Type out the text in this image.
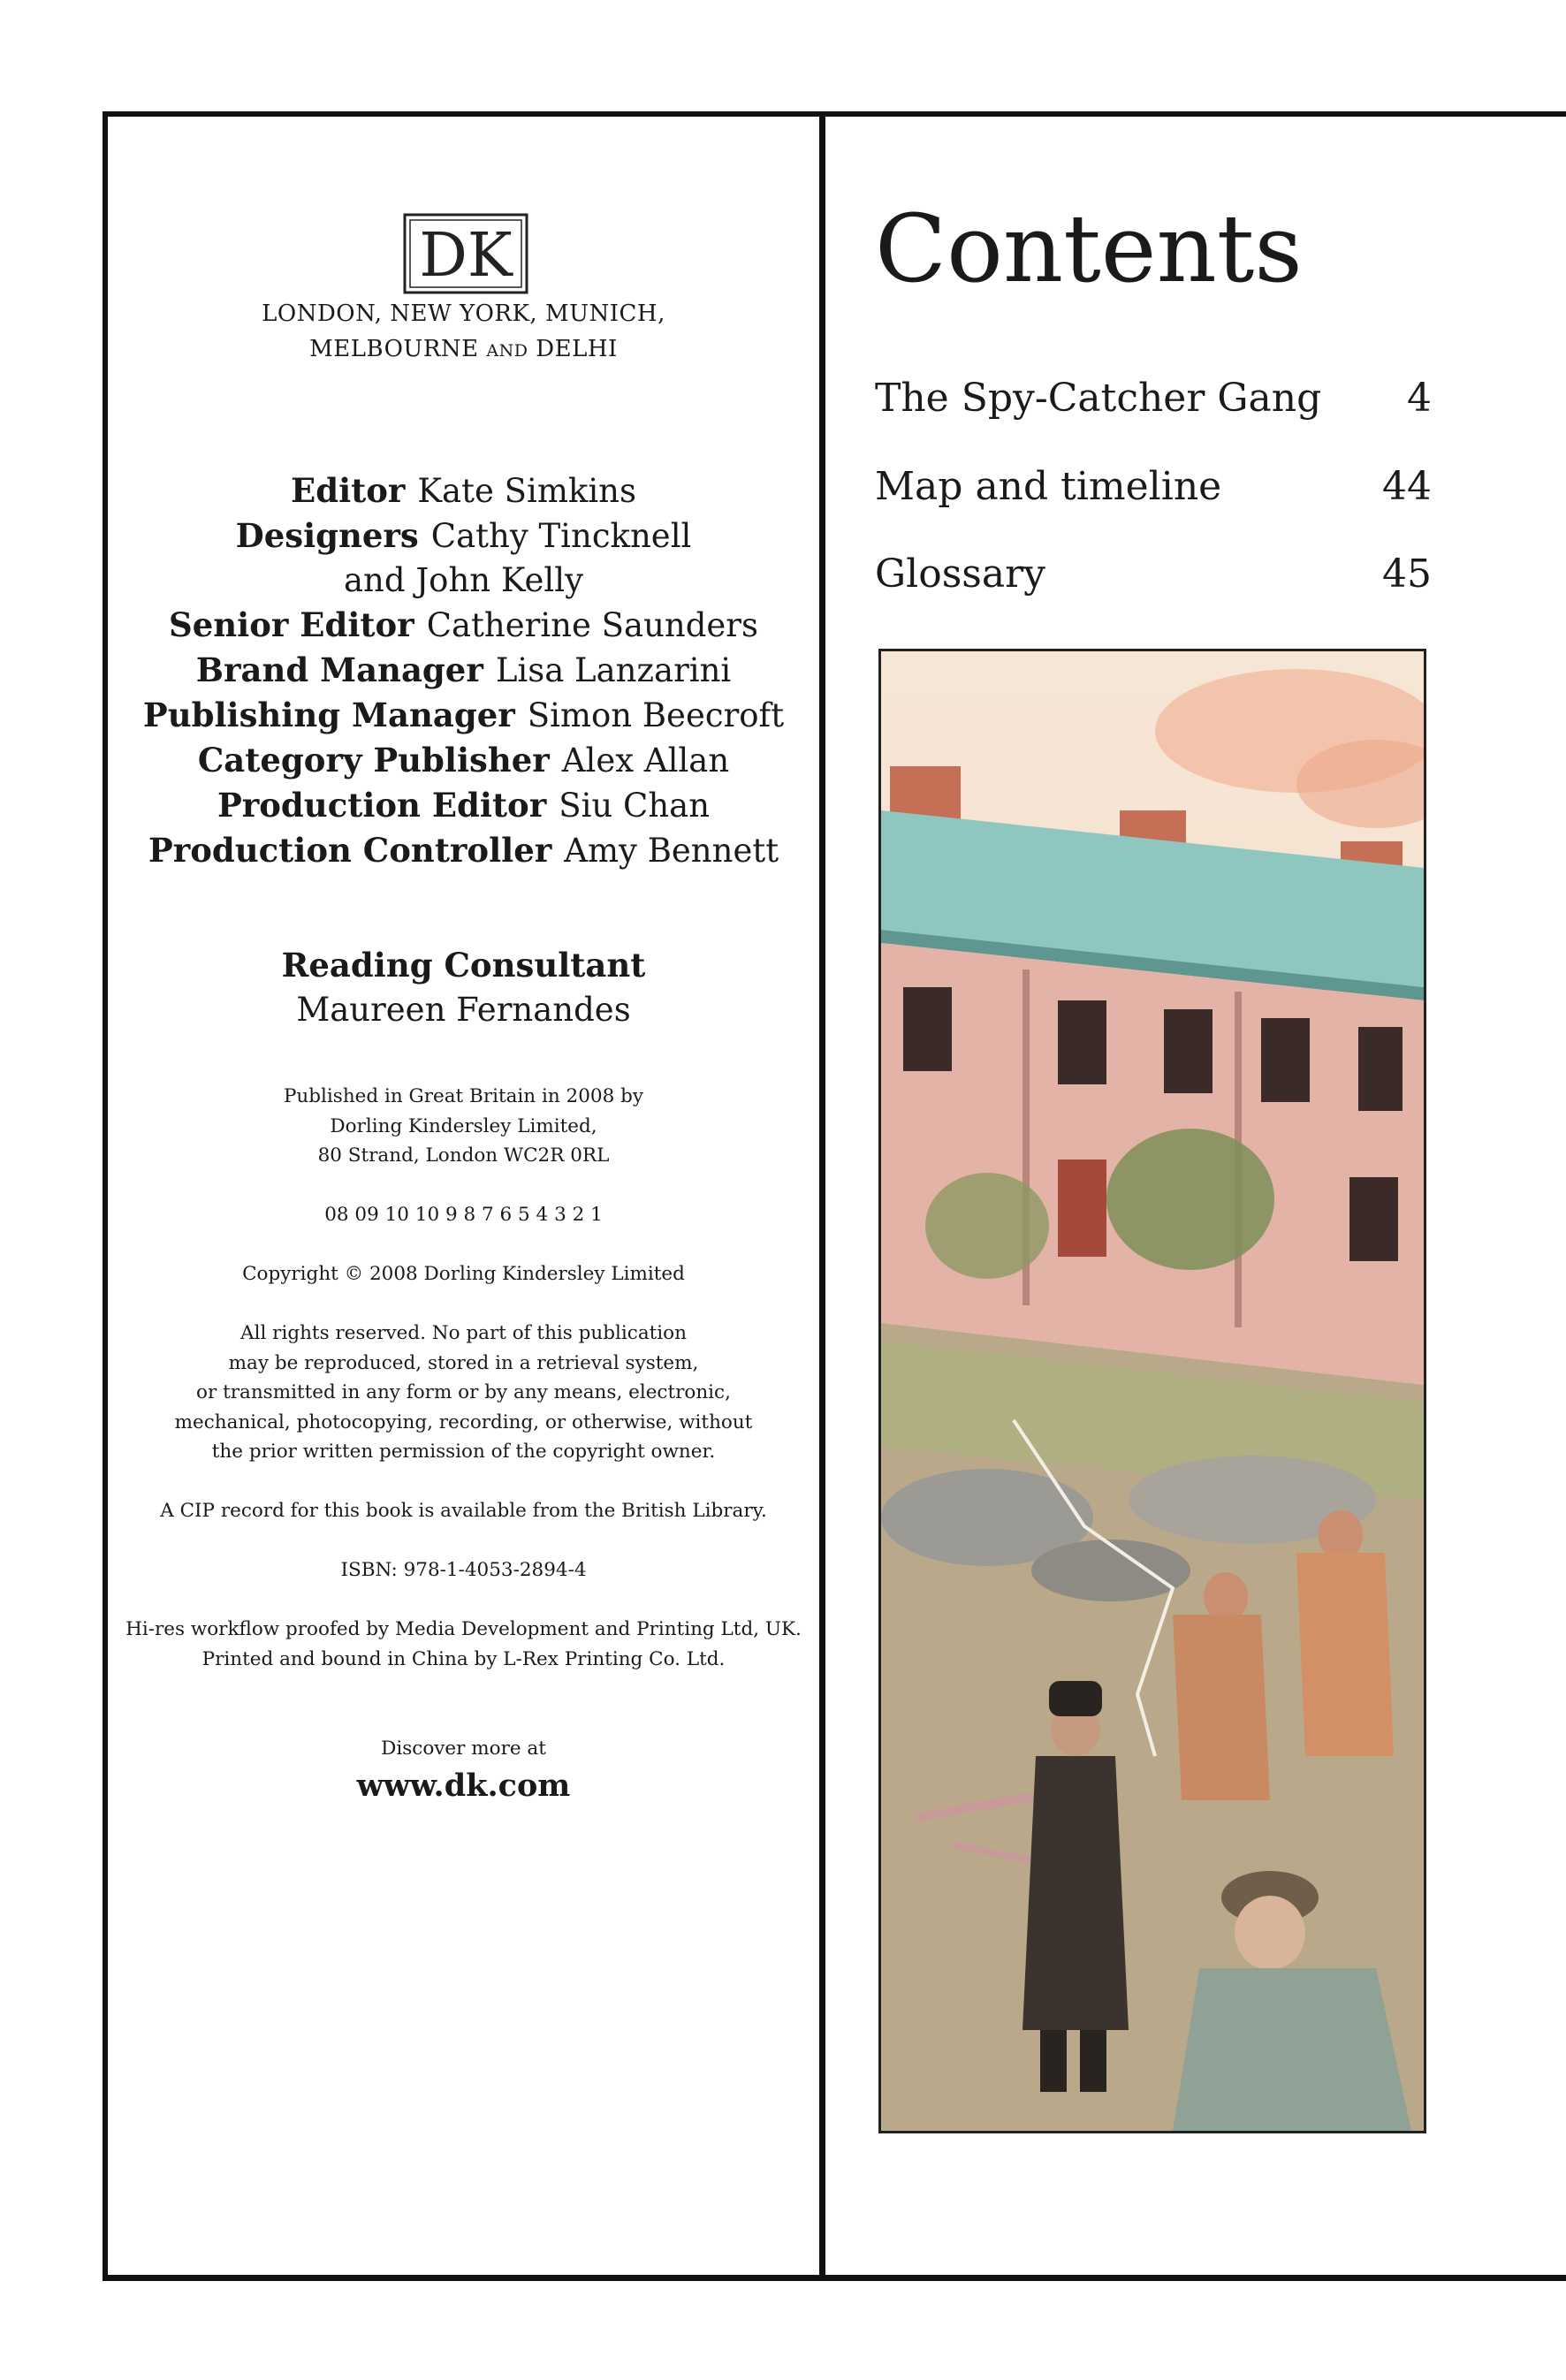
DK
LONDON, NEW YORK, MUNICH,
MELBOURNE AND DELHI
Editor Kate Simkins
Designers Cathy Tincknell
and John Kelly
Senior Editor Catherine Saunders
Brand Manager Lisa Lanzarini
Publishing Manager Simon Beecroft
Category Publisher Alex Allan
Production Editor Siu Chan
Production Controller Amy Bennett
Reading Consultant
Maureen Fernandes
Published in Great Britain in 2008 by
Dorling Kindersley Limited,
80 Strand, London WC2R 0RL
08 09 10 10 9 8 7 6 5 4 3 2 1
Copyright © 2008 Dorling Kindersley Limited
All rights reserved. No part of this publication
may be reproduced, stored in a retrieval system,
or transmitted in any form or by any means, electronic,
mechanical, photocopying, recording, or otherwise, without
the prior written permission of the copyright owner.
A CIP record for this book is available from the British Library.
ISBN: 978-1-4053-2894-4
Hi-res workflow proofed by Media Development and Printing Ltd, UK.
Printed and bound in China by L-Rex Printing Co. Ltd.
Discover more at
www.dk.com
Contents
The Spy-Catcher Gang 4
Map and timeline	44
Glossary	45
